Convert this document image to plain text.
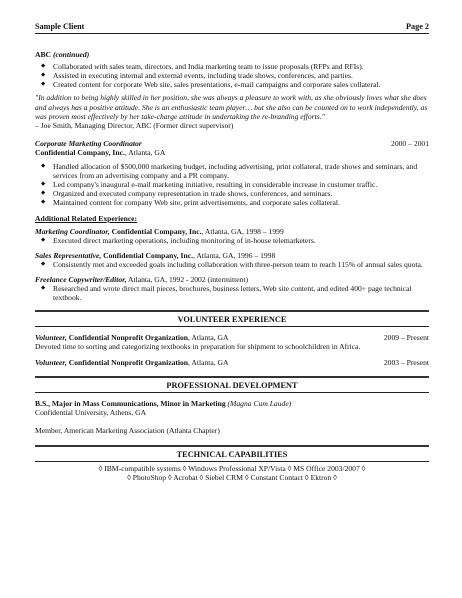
Sample Client	Page 2
ABC (continued)
◆ Collaborated with sales team, directors, and India marketing team to issue proposals (RFPs and RFIs).
◆ Assisted in executing internal and external events, including trade shows, conferences, and parties.
◆ Created content for corporate Web site, sales presentations, e-mail campaigns and corporate sales collateral.
"In addition to being highly skilled in her position, she was always a pleasure to work with, as she obviously loves what she does and always has a positive attitude. She is an enthusiastic team player… but she also can be counted on to work independently, as was proven most effectively by her take-charge attitude in undertaking the re-branding efforts."
– Joe Smith, Managing Director, ABC (Former direct supervisor)
Corporate Marketing Coordinator	2000 – 2001
Confidential Company, Inc., Atlanta, GA
◆ Handled allocation of $500,000 marketing budget, including advertising, print collateral, trade shows and seminars, and services from an advertising company and a PR company.
◆ Led company's inaugural e-mail marketing initiative, resulting in considerable increase in customer traffic.
◆ Organized and executed company representation in trade shows, conferences, and seminars.
◆ Maintained content for company Web site, print advertisements, and corporate sales collateral.
Additional Related Experience:
Marketing Coordinator, Confidential Company, Inc., Atlanta, GA, 1998 – 1999
◆ Executed direct marketing operations, including monitoring of in-house telemarketers.
Sales Representative, Confidential Company, Inc., Atlanta, GA, 1996 – 1998
◆ Consistently met and exceeded goals including collaboration with three-person team to reach 115% of annual sales quota.
Freelance Copywriter/Editor, Atlanta, GA, 1992 - 2002 (intermittent)
◆ Researched and wrote direct mail pieces, brochures, business letters, Web site content, and edited 400+ page technical textbook.
VOLUNTEER EXPERIENCE
Volunteer, Confidential Nonprofit Organization, Atlanta, GA	2009 – Present
Devoted time to sorting and categorizing textbooks in preparation for shipment to schoolchildren in Africa.
Volunteer, Confidential Nonprofit Organization, Atlanta, GA	2003 – Present
PROFESSIONAL DEVELOPMENT
B.S., Major in Mass Communications, Minor in Marketing (Magna Cum Laude)
Confidential University, Athens, GA
Member, American Marketing Association (Atlanta Chapter)
TECHNICAL CAPABILITIES
◊ IBM-compatible systems ◊ Windows Professional XP/Vista ◊ MS Office 2003/2007 ◊
◊ PhotoShop ◊ Acrobat ◊ Siebel CRM ◊ Constant Contact ◊ Ektron ◊
